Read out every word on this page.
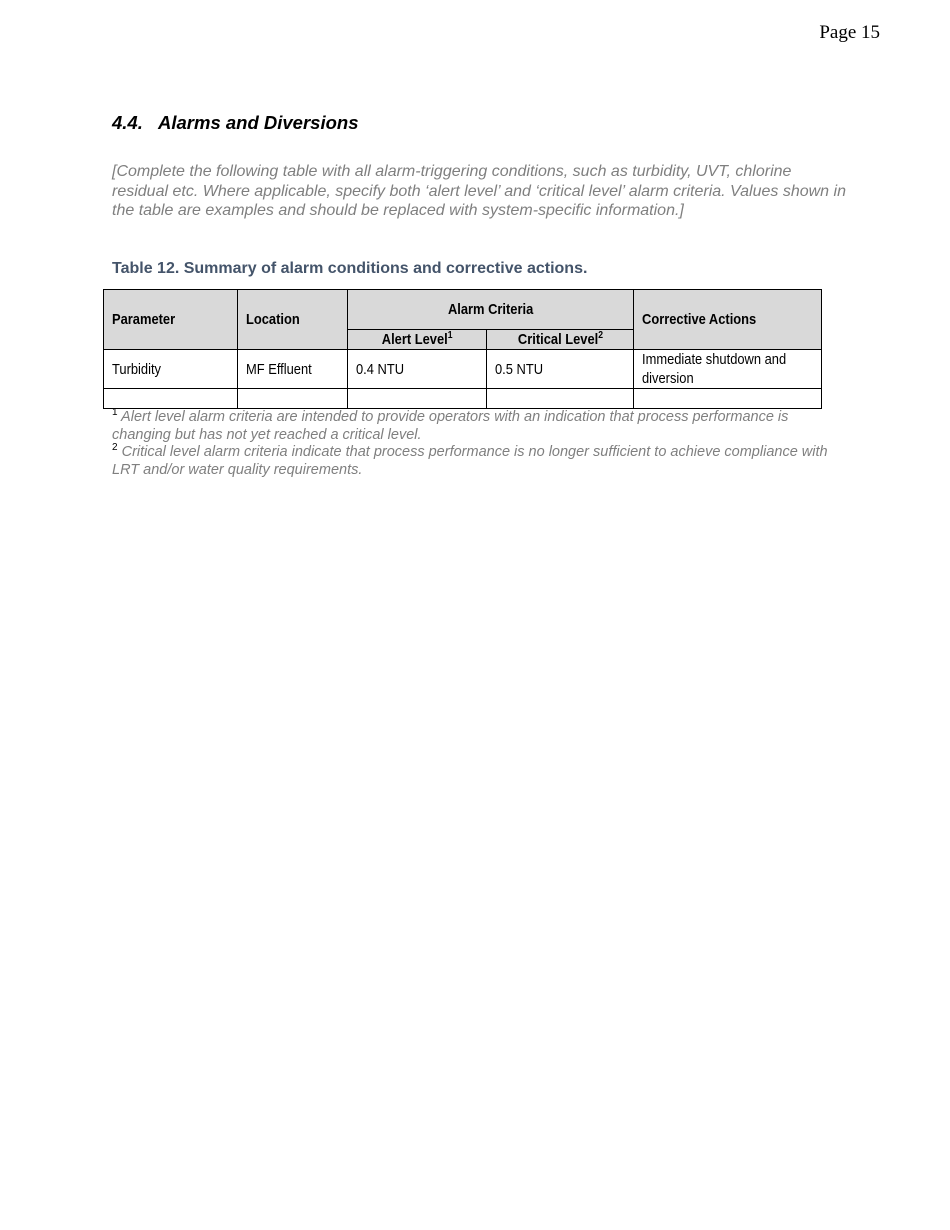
Page 15
4.4. Alarms and Diversions
[Complete the following table with all alarm-triggering conditions, such as turbidity, UVT, chlorine residual etc. Where applicable, specify both ‘alert level’ and ‘critical level’ alarm criteria. Values shown in the table are examples and should be replaced with system-specific information.]
Table 12. Summary of alarm conditions and corrective actions.
Parameter	Location	Alarm Criteria		Corrective Actions
		Alert Level$^1$	Critical Level$^2$
Turbidity	MF Effluent	0.4 NTU	0.5 NTU	Immediate shutdown and
diversion

$^1$ Alert level alarm criteria are intended to provide operators with an indication that process performance is changing but has not yet reached a critical level.

$^2$ Critical level alarm criteria indicate that process performance is no longer sufficient to achieve compliance with LRT and/or water quality requirements.
